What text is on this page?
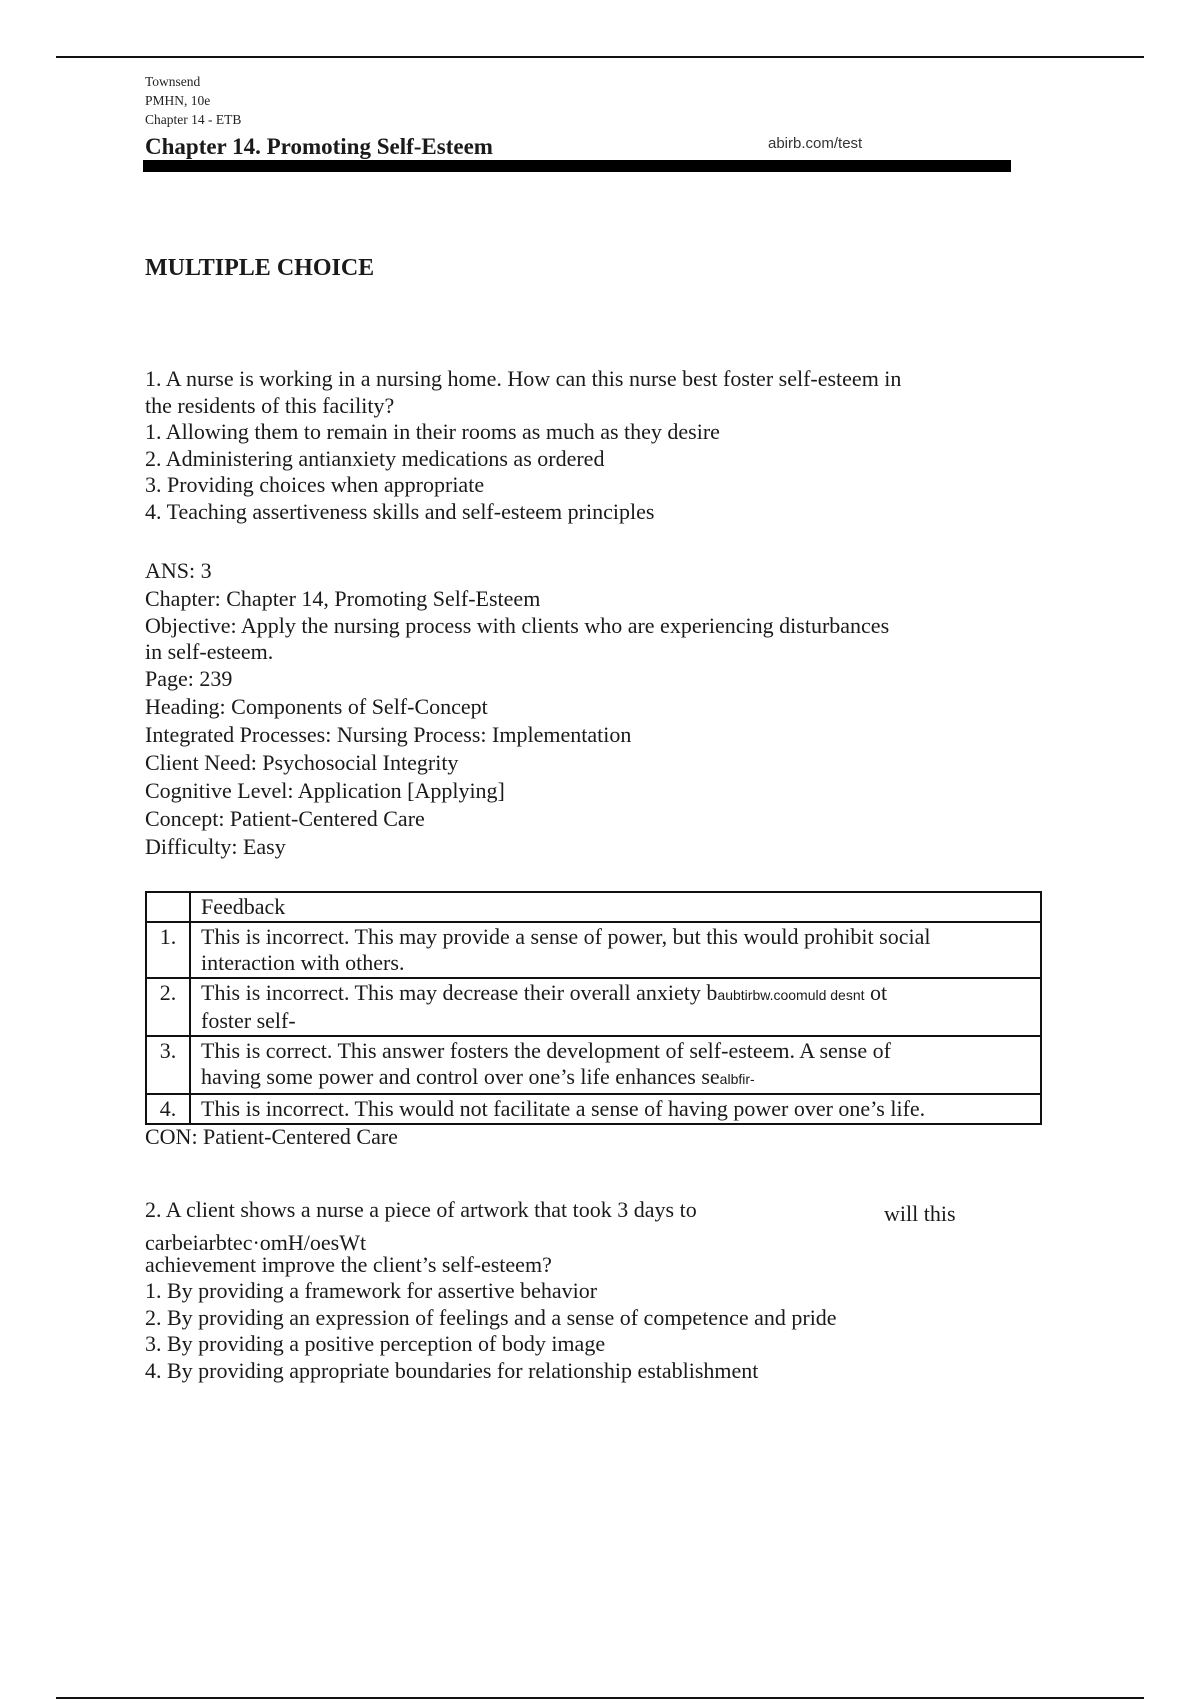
Townsend
PMHN, 10e
Chapter 14 - ETB
Chapter 14. Promoting Self-Esteem	abirb.com/test
MULTIPLE CHOICE

1. A nurse is working in a nursing home. How can this nurse best foster self-esteem in

the residents of this facility?

1. Allowing them to remain in their rooms as much as they desire

2. Administering antianxiety medications as ordered

3. Providing choices when appropriate

4. Teaching assertiveness skills and self-esteem principles

ANS: 3

Chapter: Chapter 14, Promoting Self-Esteem

Objective: Apply the nursing process with clients who are experiencing disturbances

in self-esteem.

Page: 239

Heading: Components of Self-Concept

Integrated Processes: Nursing Process: Implementation

Client Need: Psychosocial Integrity

Cognitive Level: Application [Applying]

Concept: Patient-Centered Care

Difficulty: Easy

	Feedback
1.	This is incorrect. This may provide a sense of power, but this would prohibit social
interaction with others.
2.	This is incorrect. This may decrease their overall anxiety baubtirbw.coomuld desnt ot
foster self-
3.	This is correct. This answer fosters the development of self-esteem. A sense of
having some power and control over one’s life enhances sealbfir-
4.	This is incorrect. This would not facilitate a sense of having power over one’s life.
CON: Patient-Centered Care

2. A client shows a nurse a piece of artwork that took 3 days to

achievement improve the client’s self-esteem?

1. By providing a framework for assertive behavior

2. By providing an expression of feelings and a sense of competence and pride

3. By providing a positive perception of body image

4. By providing appropriate boundaries for relationship establishment

will this
carbeiarbtec·omH/oesWt
